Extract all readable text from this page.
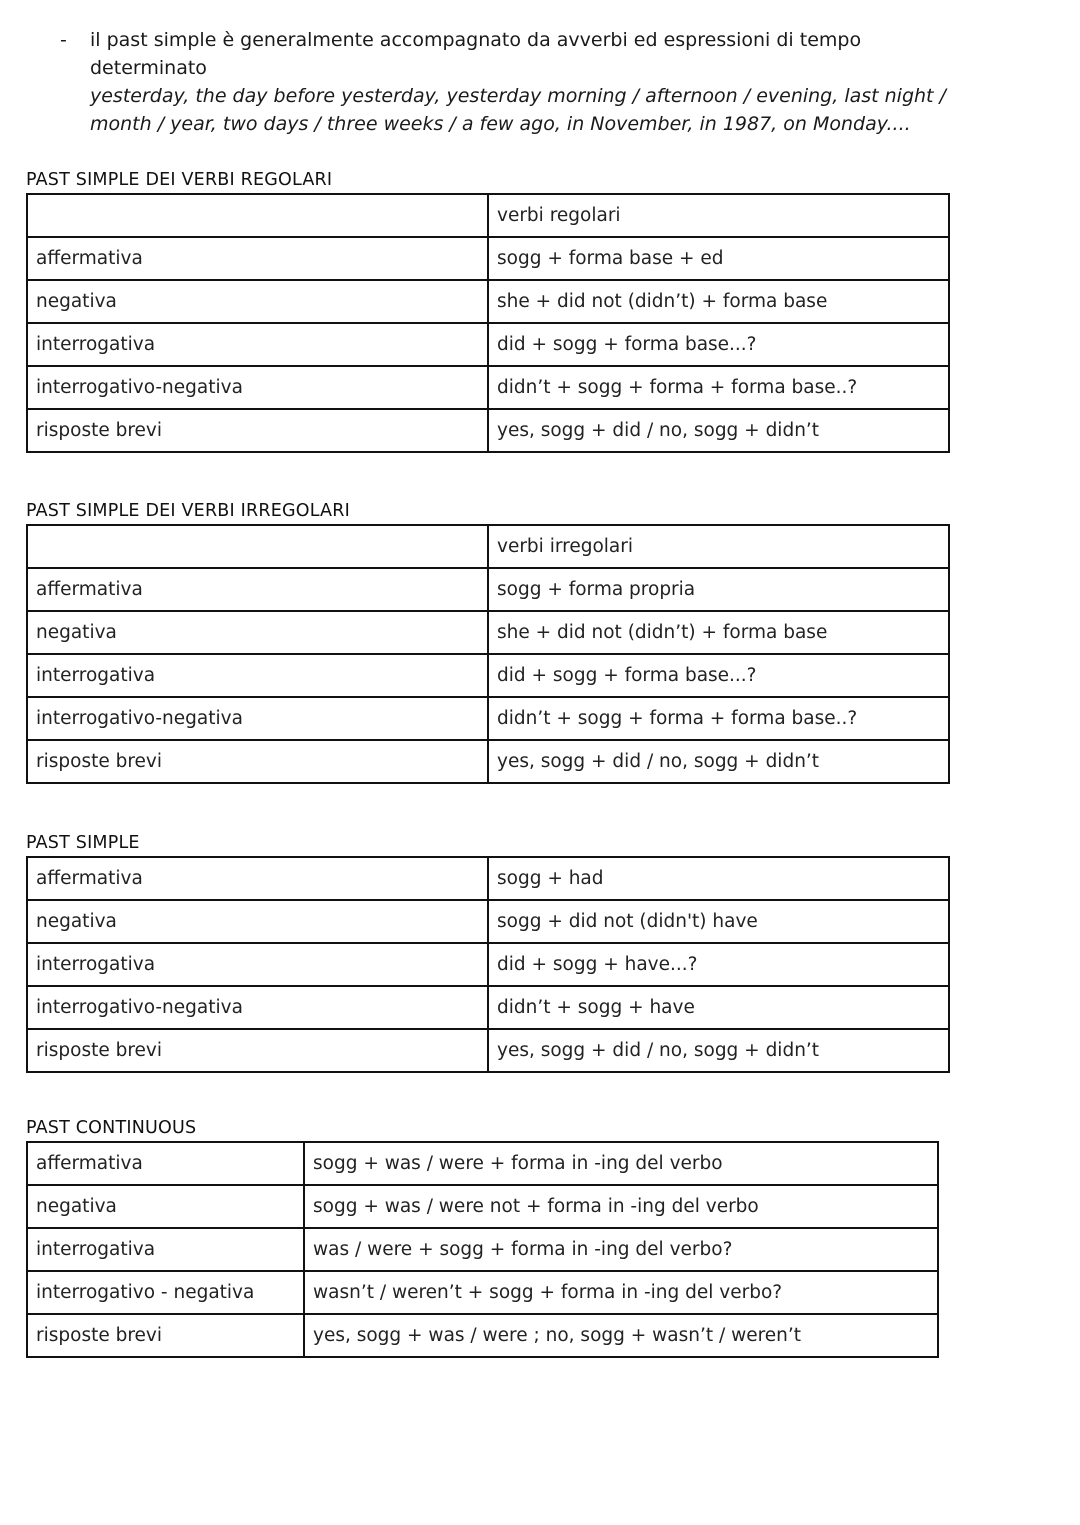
- il past simple è generalmente accompagnato da avverbi ed espressioni di tempo
determinato
yesterday, the day before yesterday, yesterday morning / afternoon / evening, last night /
month / year, two days / three weeks / a few ago, in November, in 1987, on Monday....
PAST SIMPLE DEI VERBI REGOLARI
	verbi regolari
affermativa	sogg + forma base + ed
negativa	she + did not (didn’t) + forma base
interrogativa	did + sogg + forma base...?
interrogativo-negativa	didn’t + sogg + forma + forma base..?
risposte brevi	yes, sogg + did / no, sogg + didn’t
PAST SIMPLE DEI VERBI IRREGOLARI
	verbi irregolari
affermativa	sogg + forma propria
negativa	she + did not (didn’t) + forma base
interrogativa	did + sogg + forma base...?
interrogativo-negativa	didn’t + sogg + forma + forma base..?
risposte brevi	yes, sogg + did / no, sogg + didn’t
PAST SIMPLE
affermativa	sogg + had
negativa	sogg + did not (didn't) have
interrogativa	did + sogg + have...?
interrogativo-negativa	didn’t + sogg + have
risposte brevi	yes, sogg + did / no, sogg + didn’t
PAST CONTINUOUS
affermativa	sogg + was / were + forma in -ing del verbo
negativa	sogg + was / were not + forma in -ing del verbo
interrogativa	was / were + sogg + forma in -ing del verbo?
interrogativo - negativa	wasn’t / weren’t + sogg + forma in -ing del verbo?
risposte brevi	yes, sogg + was / were ; no, sogg + wasn’t / weren’t
